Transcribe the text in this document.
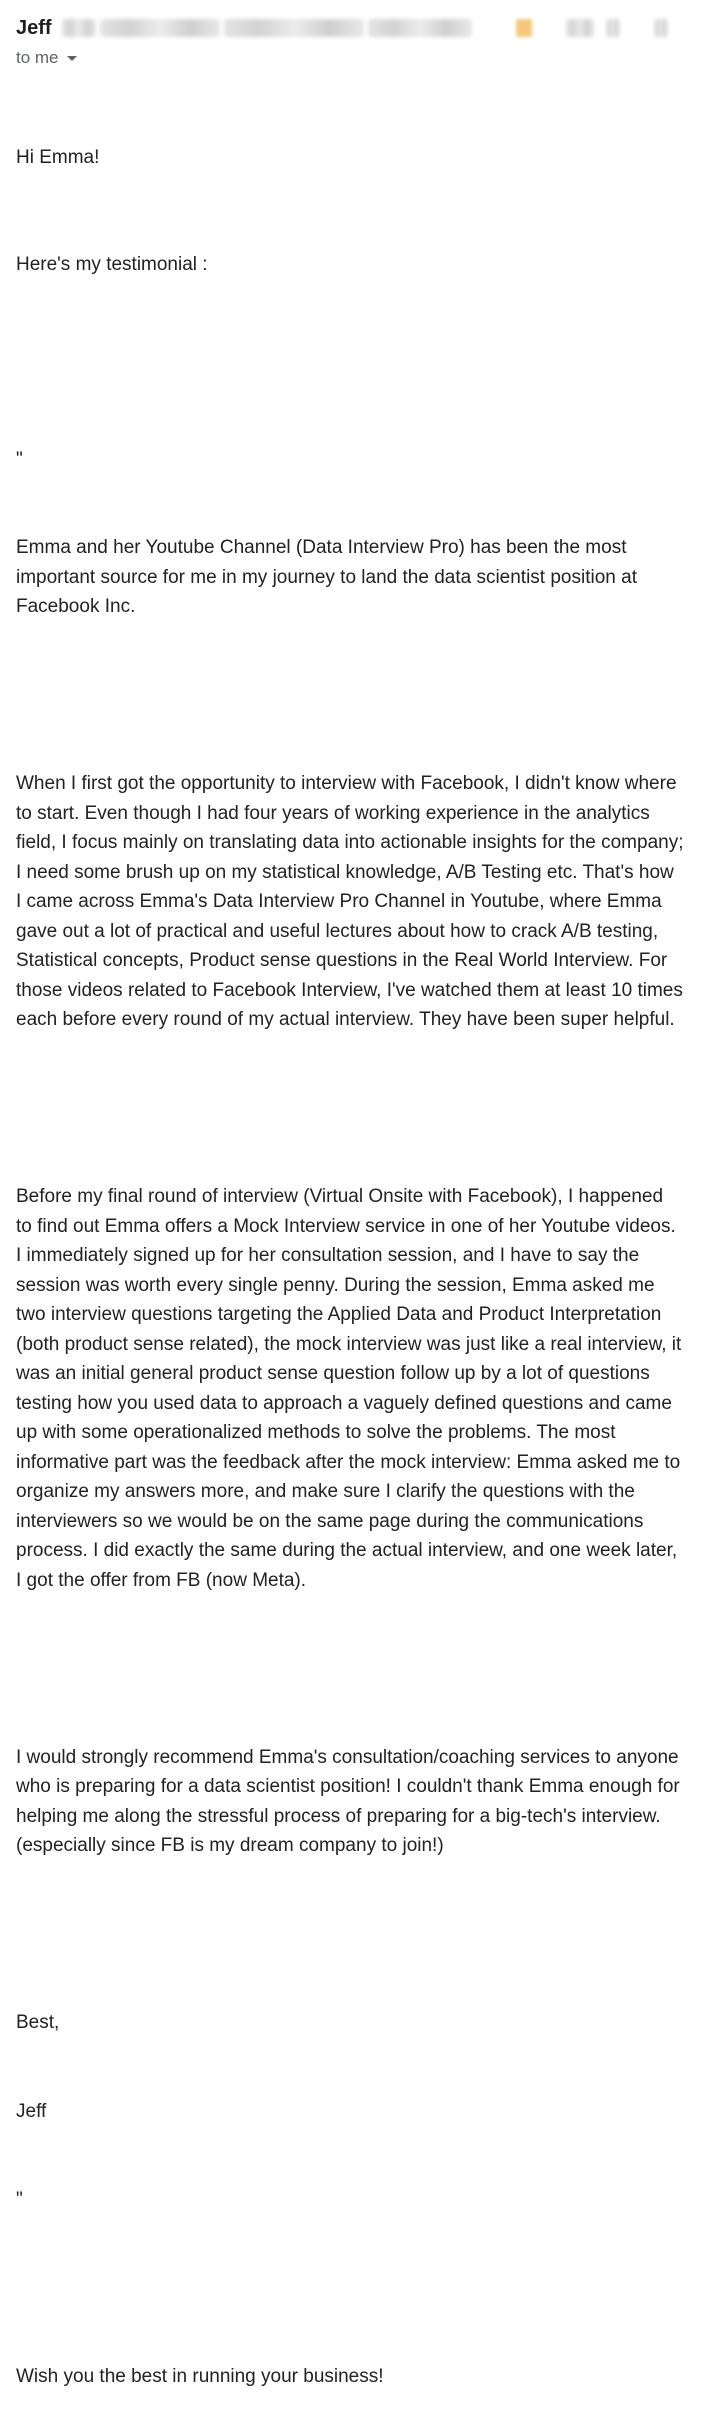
Jeff
to me

Hi Emma!

Here's my testimonial :

"

Emma and her Youtube Channel (Data Interview Pro) has been the most important source for me in my journey to land the data scientist position at Facebook Inc.

When I first got the opportunity to interview with Facebook, I didn't know where to start. Even though I had four years of working experience in the analytics field, I focus mainly on translating data into actionable insights for the company; I need some brush up on my statistical knowledge, A/B Testing etc. That's how I came across Emma's Data Interview Pro Channel in Youtube, where Emma gave out a lot of practical and useful lectures about how to crack A/B testing, Statistical concepts, Product sense questions in the Real World Interview. For those videos related to Facebook Interview, I've watched them at least 10 times each before every round of my actual interview. They have been super helpful.

Before my final round of interview (Virtual Onsite with Facebook), I happened to find out Emma offers a Mock Interview service in one of her Youtube videos. I immediately signed up for her consultation session, and I have to say the session was worth every single penny. During the session, Emma asked me two interview questions targeting the Applied Data and Product Interpretation (both product sense related), the mock interview was just like a real interview, it was an initial general product sense question follow up by a lot of questions testing how you used data to approach a vaguely defined questions and came up with some operationalized methods to solve the problems. The most informative part was the feedback after the mock interview: Emma asked me to organize my answers more, and make sure I clarify the questions with the interviewers so we would be on the same page during the communications process. I did exactly the same during the actual interview, and one week later, I got the offer from FB (now Meta).

I would strongly recommend Emma's consultation/coaching services to anyone who is preparing for a data scientist position! I couldn't thank Emma enough for helping me along the stressful process of preparing for a big-tech's interview. (especially since FB is my dream company to join!)

Best,

Jeff

"

Wish you the best in running your business!
